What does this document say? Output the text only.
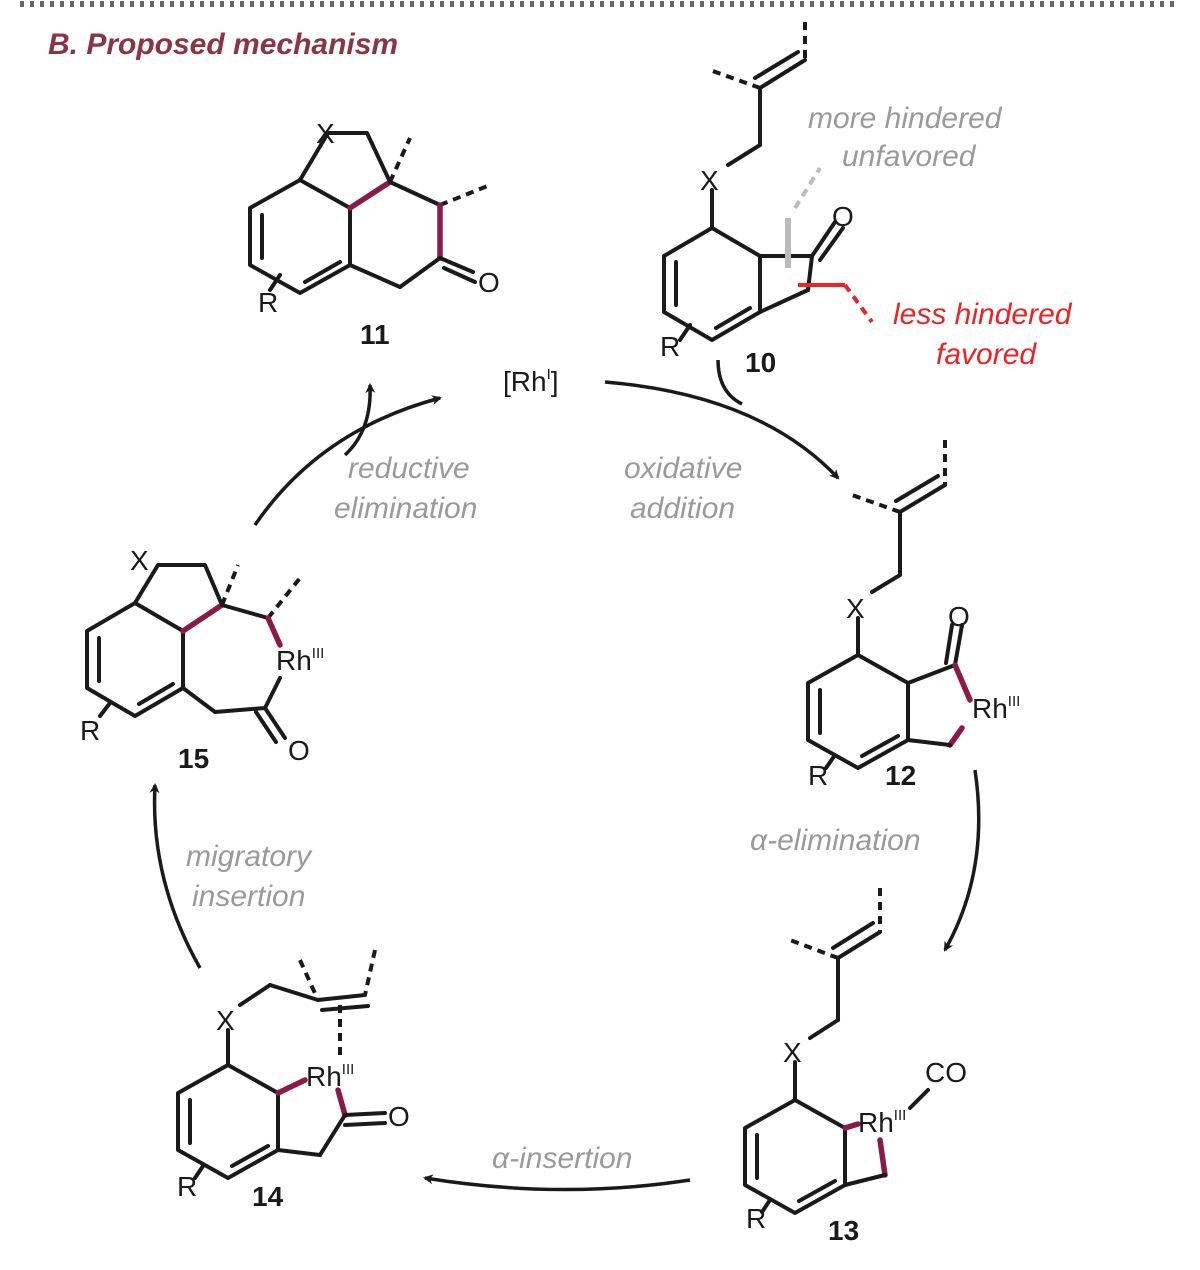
B. Proposed mechanism
X
O
R
11
X
O
R
10
more hindered
unfavored
less hindered
favored
$[Rh^I]$
X	O
$Rh^{III}$
R 12
X
$Rh^{III}$
CO
R 13
X
$Rh^{III}$
O
R 14
X
$Rh^{III}$
O
R
15
oxidative
addition
α-elimination
α-insertion
migratory
insertion
reductive
elimination
